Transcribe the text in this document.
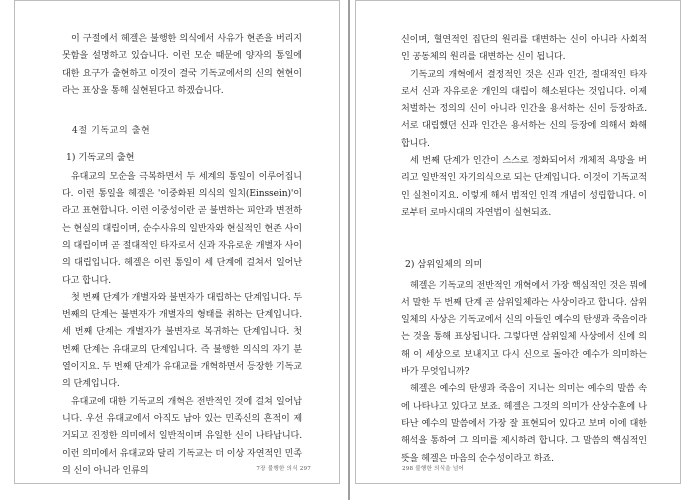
이 구절에서 헤겔은 불행한 의식에서 사유가 현존을 버리지 못함을 설명하고 있습니다. 이런 모순 때문에 양자의 통일에 대한 요구가 출현하고 이것이 결국 기독교에서의 신의 현현이라는 표상을 통해 실현된다고 하겠습니다.

4절 기독교의 출현
1) 기독교의 출현

유대교의 모순을 극복하면서 두 세계의 통일이 이루어집니다. 이런 통일을 헤겔은 '이중화된 의식의 일치(Einssein)'이라고 표현합니다. 이런 이중성이란 곧 불변하는 피안과 변전하는 현실의 대립이며, 순수사유의 일반자와 현실적인 현존 사이의 대립이며 곧 절대적인 타자로서 신과 자유로운 개별자 사이의 대립입니다. 헤겔은 이런 통일이 세 단계에 걸쳐서 일어난다고 합니다.

첫 번째 단계가 개별자와 불변자가 대립하는 단계입니다. 두 번째의 단계는 불변자가 개별자의 형태를 취하는 단계입니다. 세 번째 단계는 개별자가 불변자로 복귀하는 단계입니다. 첫 번째 단계는 유대교의 단계입니다. 즉 불행한 의식의 자기 분열이지요. 두 번째 단계가 유대교를 개혁하면서 등장한 기독교의 단계입니다.

유대교에 대한 기독교의 개혁은 전반적인 것에 걸쳐 일어납니다. 우선 유대교에서 아직도 남아 있는 민족신의 흔적이 제거되고 진정한 의미에서 일반적이며 유일한 신이 나타납니다. 이런 의미에서 유대교와 달리 기독교는 더 이상 자연적인 민족의 신이 아니라 인류의	7장 불행한 의식 297

신이며, 혈연적인 집단의 원리를 대변하는 신이 아니라 사회적인 공동체의 원리를 대변하는 신이 됩니다.

기독교의 개혁에서 결정적인 것은 신과 인간, 절대적인 타자로서 신과 자유로운 개인의 대립이 해소된다는 것입니다. 이제 처벌하는 정의의 신이 아니라 인간을 용서하는 신이 등장하죠. 서로 대립했던 신과 인간은 용서하는 신의 등장에 의해서 화해합니다.

세 번째 단계가 인간이 스스로 정화되어서 개체적 욕망을 버리고 일반적인 자기의식으로 되는 단계입니다. 이것이 기독교적인 실천이지요. 이렇게 해서 범적인 인격 개념이 성립합니다. 이로부터 로마시대의 자연법이 실현되죠.

2) 삼위일체의 의미

헤겔은 기독교의 전반적인 개혁에서 가장 핵심적인 것은 뭐에서 말한 두 번째 단계 곧 삼위일체라는 사상이라고 합니다. 삼위일체의 사상은 기독교에서 신의 아들인 예수의 탄생과 죽음이라는 것을 통해 표상됩니다. 그렇다면 삼위일체 사상에서 신에 의해 이 세상으로 보내지고 다시 신으로 돌아간 예수가 의미하는 바가 무엇입니까?

헤겔은 예수의 탄생과 죽음이 지니는 의미는 예수의 말씀 속에 나타나고 있다고 보죠. 헤겔은 그것의 의미가 산상수훈에 나타난 예수의 말씀에서 가장 잘 표현되어 있다고 보며 이에 대한 해석을 통하여 그 의미를 제시하려 합니다. 그 말씀의 핵심적인 뜻을 헤겔은 마음의 순수성이라고 하죠.

298 불행한 의식을 넘어
